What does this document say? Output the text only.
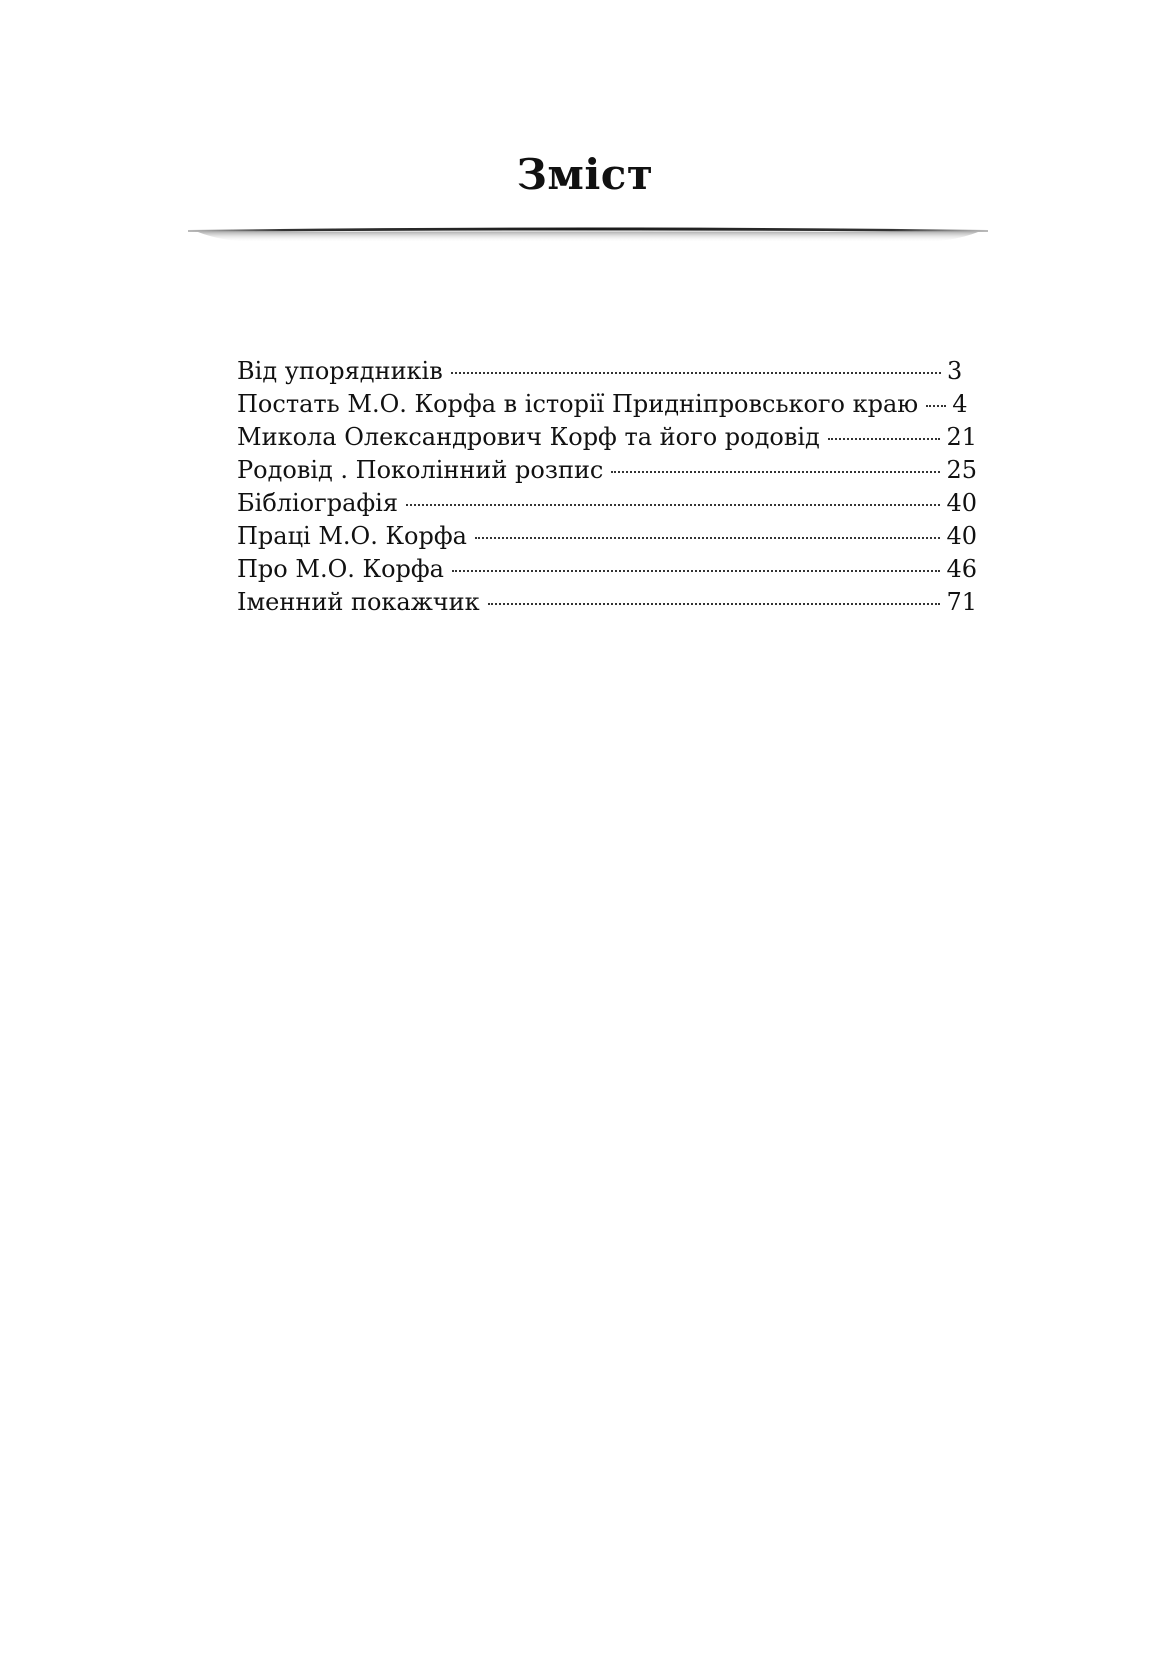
Зміст
Від упорядників	3
Постать М.О. Корфа в історії Придніпровського краю	4
Микола Олександрович Корф та його родовід	21
Родовід . Поколінний розпис	25
Бібліографія	40
Праці М.О. Корфа	40
Про М.О. Корфа	46
Іменний покажчик	71
